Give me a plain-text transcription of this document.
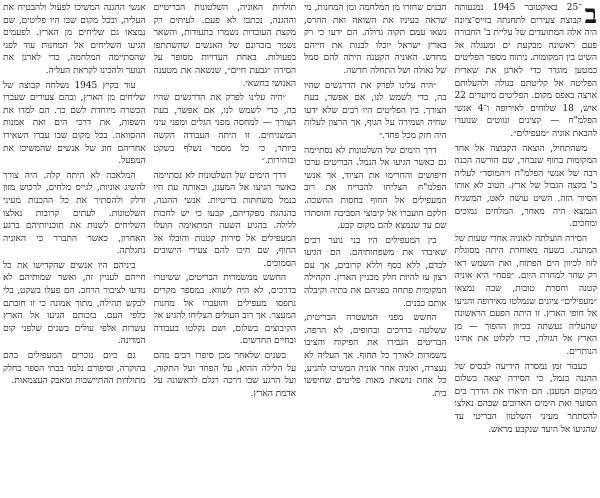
ב
־25 באוקטובר 1945 נמנעותה קבוצת צעירים לתחנתה בזייס־ציונה היה אלה המתועדים של עליית ב' החבורה פעם ראשונה מבקעת ים ומעגלה אל השיט בין המקומות. ניתוח מספר הפליטים כמטען מוגדר כדי לארגן את שארית הפליטה אל קליטתם בגולה ולהעלותם ארצה באפס מקום. הפליטים מיועדים 22 איש, 18 שלוחים לאירופה ו־4 אנשי הפלמ"ח — קצינים ונווטים שנועדו להבאת אוניה ״מעפילים״.

משהתחיל, הוצאה הקבוצה אל אחד המקומות בחוף שנבחר, שם הורשה הכנה רבה של אנשי הפלמ"ח ו״המוסד״ לעליה ב' בקצה הגבול של ארץ. הטוב לא אותו הסיור הזה. השיט עושה לאט, המשגיח הנמצא היה מאחר, המלחים נמוכים ומחכים.

הסירה הועלתה לאוניה אחרי שעות של המתנה. בשעה מאוחרת היתה מסוגלת לזוז לכיוון הים הפתוח, ואת השמש ראו רק שחר למחרת היום. ״פסח״ היא אוניה קטנה וחסרת טובות, שבה נמצאו ״מעפילים״ ציונים שנמלטו מאירופה והגיעו אל חופי הארץ. זו היתה הפעם הראשונה שהעליה נעשתה בכיוון ההפוך — מן הארץ אל הגולה, כדי לקלוט את אחינו הנותרים.

כעבור זמן נמסרה הידיעה לבסיס של ההגנה בנמל, כי הסירה יצאה בשלום ממקום המעגן. הם תיארו את הדרך בים הסוער ואת הימים הארוכים שבהם נאלצו להסתתר מעיני השלטון הבריטי עד שהגיעו אל היעד שנקבע מראש.

הבנים שחזרו מן המלחמה ומן המחנות, מי שראה בעיניו את השואה ואת ההרס, נשאו עמם תקוה גדולה. הם ידעו כי רק בארץ ישראל יוכלו לבנות את חייהם מחדש. האוניה הקטנה היתה להם סמל של גאולה ושל התחלה חדשה.

״היה עלינו לפרק את הדרגשים שהיו בה, כדי לשמש לנו, אם אפשר, בעת הצורך. בין הפליטים היו רבים שלא ידעו שחיה ושמירה על הגוף, אך הרצון לעלות היה חזק מכל פחד.״

דרך הימים של השלטונות לא נסתיימה גם כאשר הגיעו אל הנמל. הבריטים ערכו חיפושים והחרימו את הציוד, אך אנשי הפלמ"ח הצליחו להבריח את רוב המעפילים אל החוף בחסות החשכה. חלקם הועברו אל קיבוצי הסביבה והוסתרו שם עד שנמצא להם מקום קבע.

בין המעפילים היו בני נוער רבים שאיבדו את משפחותיהם. הם הגיעו לבדם, ללא כסף וללא קרובים, אך עם רצון עז להיות חלק מבניין הארץ. הקהילה המקומית פתחה בפניהם את בתיה וקיבלה אותם כבנים.

החשש מפני המשטרה הבריטית, ששלטה בדרכים ובחופים, לא הרפה. הבריטים הגבירו את הפיקוח והציבו משמרות לאורך כל החוף. אך העליה לא נעצרה, ואוניה אחר אוניה המשיכו להגיע, כל אחת נושאת מאות פליטים שחיפשו בית.

תולדות האוניה, השלטונות הבריטיים וההגנה, נכתבו לא פעם. לעיתים רק מקצת העובדות נשמרו בתעודות, והשאר נשמר בזכרונם של האנשים שהשתתפו בפעולות. באחת העדויות מסופר על הסירה ״גבעת חיים״, שנשאה את מטענה האנושי בחשאי.

״היה עלינו לפרק את הדרגשים שהיו בה, כדי לשמש לנו, אם אפשר, בעת הצורך — למחסה מפני הגלים ומפני עיני המשגיחים. זו היתה העבודה הקשה ביותר, כי כל מסמר נשלף בשקט ובזהירות.״

דרך הימים של השלטונות לא נסתיימה כאשר הגיעו אל המעגן, ובאותה עת היו בנמל משחתות בריטיות. אנשי ההגנה, בהנהגת מפקדיהם, קבעו כי יש לחכות ללילה. בהגיע השעה המתאימה הועלו המעפילים אל סירות קטנות והובלו אל החוף, שם חיכו להם צעירי הישובים הסמוכים.

החשש ממשמרות הבריטים, ששיטרו בדרכים, לא היה לשווא. במספר מקרים נתפסו מעפילים והועברו אל מחנות המעצר. אך רוב העולים הצליחו להגיע אל הקיבוצים בשלום, ושם נקלטו בעבודה ובחיים החדשים.

בשנים שלאחר מכן סיפרו רבים מהם על הלילה ההוא, על הפחד ועל התקוה, ועל הרגע שבו דרכה רגלם לראשונה על אדמת הארץ.

אנשי ההגנה המשיכו לפעול ולהבטיח את העליה, ובכל מקום שבו היו פליטים, שם נמצאו גם שליחים מן הארץ. לפעמים הגיעו השליחים אל המחנות עוד לפני שהסתיימה המלחמה, כדי לארגן את הנוער ולהכינו לקראת העליה.

עוד בקיץ 1945 נשלחה קבוצה של שליחים מן הארץ, ובהם צעירים שעברו הכשרה מיוחדת לשם כך. הם למדו את השפות, את דרכי הים ואת אמנות ההסוואה. בכל מקום שבו עברו השאירו אחריהם חוג של אנשים שהמשיכו את המפעל.

המלאכה לא היתה קלה. היה צורך להשיג אוניות, לגייס מלחים, לרכוש מזון ודלק ולהסתיר את כל ההכנות מעיני השלטונות. לעתים קרובות נאלצו השליחים לשנות את תוכניותיהם ברגע האחרון, כאשר התברר כי האוניה נתגלתה.

ביניהם היו אנשים שהקדישו את כל חייהם לעניין זה, ואשר שמותיהם לא נודעו לציבור הרחב. הם פעלו בשקט, בלי לבקש תהילה, מתוך אמונה כי זו חובתם כלפי העם. בזכותם הגיעו אל הארץ עשרות אלפי עולים בשנים שלפני קום המדינה.

גם כיום נזכרים המעפילים בהם בהוקרה, וסיפורם נלמד בבתי הספר כחלק מתולדות ההתיישבות ומאבק העצמאות.
